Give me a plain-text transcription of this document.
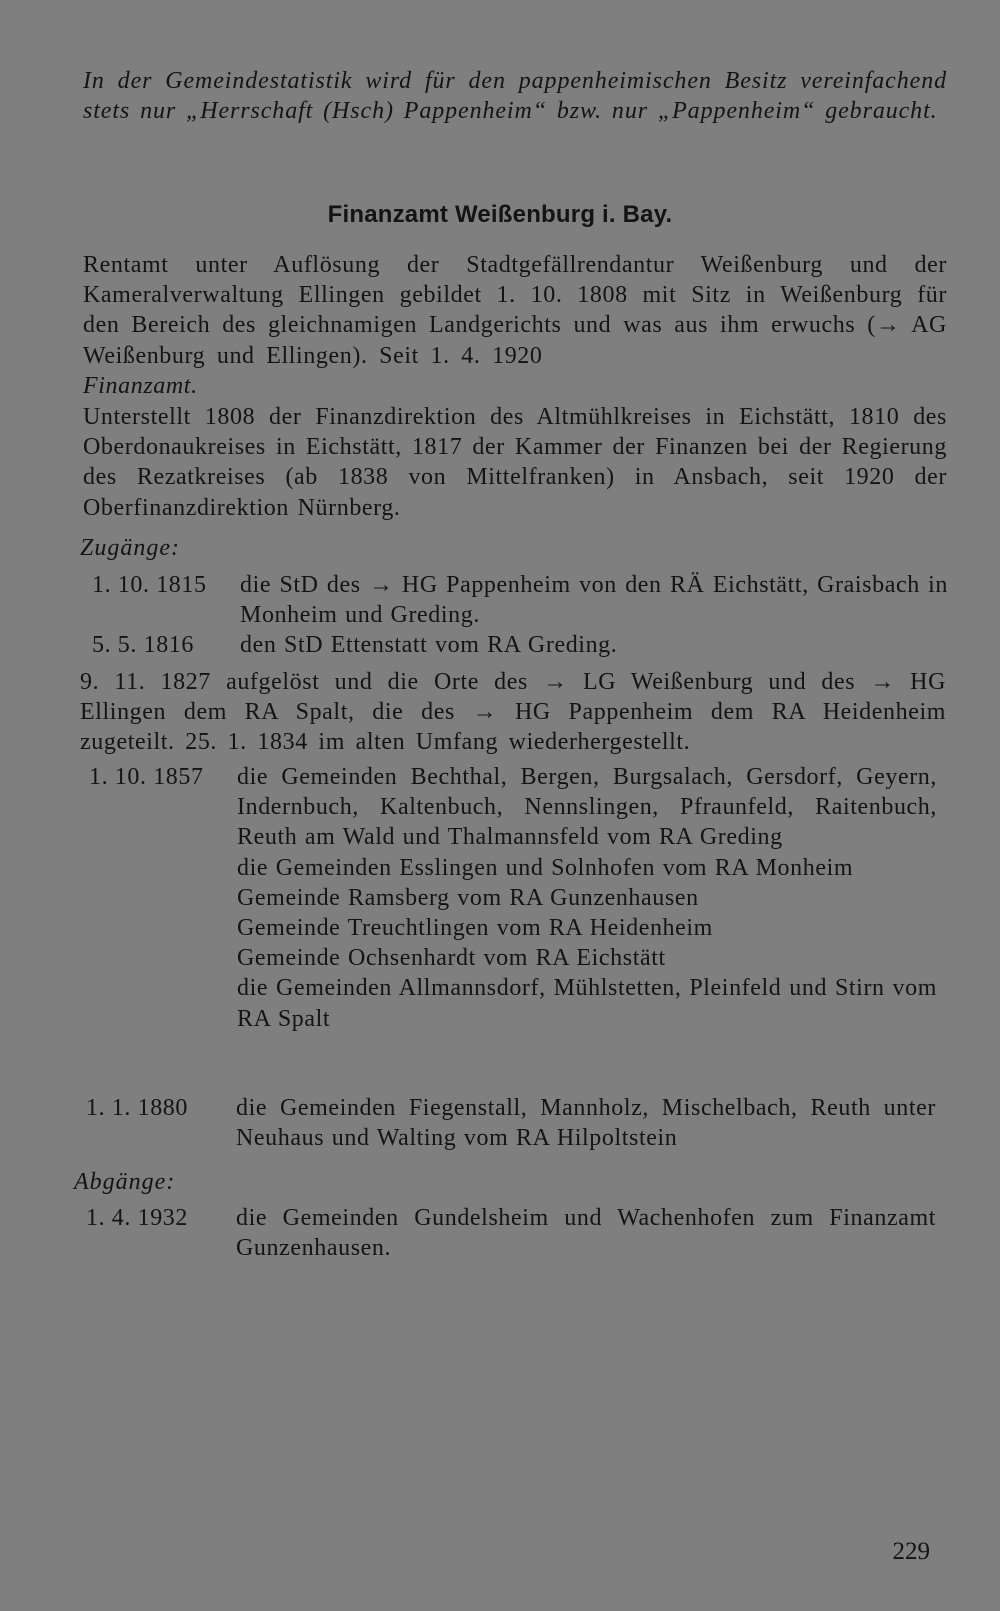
In der Gemeindestatistik wird für den pappenheimischen Besitz vereinfachend stets nur „Herrschaft (Hsch) Pappenheim“ bzw. nur „Pappenheim“ gebraucht.
Finanzamt Weißenburg i. Bay.
Rentamt unter Auflösung der Stadtgefällrendantur Weißenburg und der Kameralverwaltung Ellingen gebildet 1. 10. 1808 mit Sitz in Weißenburg für den Bereich des gleichnamigen Landgerichts und was aus ihm erwuchs (→ AG Weißenburg und Ellingen). Seit 1. 4. 1920
Finanzamt.
Unterstellt 1808 der Finanzdirektion des Altmühlkreises in Eichstätt, 1810 des Oberdonaukreises in Eichstätt, 1817 der Kammer der Finanzen bei der Regierung des Rezatkreises (ab 1838 von Mittelfranken) in Ansbach, seit 1920 der Oberfinanzdirektion Nürnberg.
Zugänge:
1. 10. 1815 die StD des → HG Pappenheim von den RÄ Eichstätt, Graisbach in Monheim und Greding.
5. 5. 1816 den StD Ettenstatt vom RA Greding.
9. 11. 1827 aufgelöst und die Orte des → LG Weißenburg und des → HG Ellingen dem RA Spalt, die des → HG Pappenheim dem RA Heidenheim zugeteilt. 25. 1. 1834 im alten Umfang wiederhergestellt.
1. 10. 1857 die Gemeinden Bechthal, Bergen, Burgsalach, Gersdorf, Geyern, Indernbuch, Kaltenbuch, Nennslingen, Pfraunfeld, Raitenbuch, Reuth am Wald und Thalmannsfeld vom RA Greding
die Gemeinden Esslingen und Solnhofen vom RA Monheim
Gemeinde Ramsberg vom RA Gunzenhausen
Gemeinde Treuchtlingen vom RA Heidenheim
Gemeinde Ochsenhardt vom RA Eichstätt
die Gemeinden Allmannsdorf, Mühlstetten, Pleinfeld und Stirn vom RA Spalt
1. 1. 1880 die Gemeinden Fiegenstall, Mannholz, Mischelbach, Reuth unter Neuhaus und Walting vom RA Hilpoltstein
Abgänge:
1. 4. 1932 die Gemeinden Gundelsheim und Wachenhofen zum Finanzamt Gunzenhausen.
229
